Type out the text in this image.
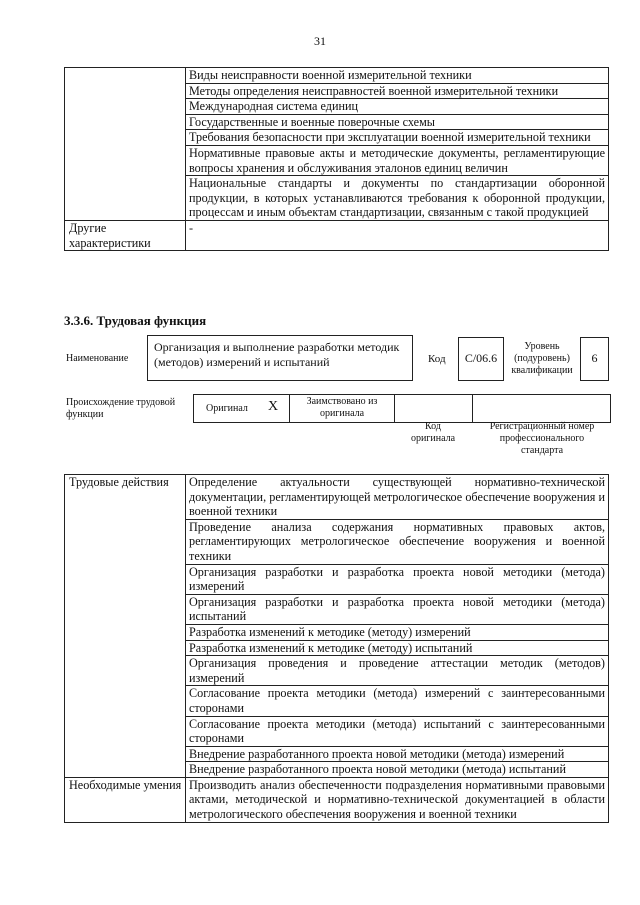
31
	Виды неисправности военной измерительной техники
	Методы определения неисправностей военной измерительной техники
	Международная система единиц
	Государственные и военные поверочные схемы
	Требования безопасности при эксплуатации военной измерительной техники
	Нормативные правовые акты и методические документы, регламентирующие вопросы хранения и обслуживания эталонов единиц величин
	Национальные стандарты и документы по стандартизации оборонной продукции, в которых устанавливаются требования к оборонной продукции, процессам и иным объектам стандартизации, связанным с такой продукцией
Другие характеристики	-
3.3.6. Трудовая функция
Наименование
Организация и выполнение разработки методик (методов) измерений и испытаний	Код	С/06.6
Уровень (подуровень) квалификации
6
Происхождение трудовой функции
Оригинал X	Заимствовано из оригинала
Код оригинала
Регистрационный номер профессионального стандарта
Трудовые действия	Определение актуальности существующей нормативно-технической документации, регламентирующей метрологическое обеспечение вооружения и военной техники
	Проведение анализа содержания нормативных правовых актов, регламентирующих метрологическое обеспечение вооружения и военной техники
	Организация разработки и разработка проекта новой методики (метода) измерений
	Организация разработки и разработка проекта новой методики (метода) испытаний
	Разработка изменений к методике (методу) измерений
	Разработка изменений к методике (методу) испытаний
	Организация проведения и проведение аттестации методик (методов) измерений
	Согласование проекта методики (метода) измерений с заинтересованными сторонами
	Согласование проекта методики (метода) испытаний с заинтересованными сторонами
	Внедрение разработанного проекта новой методики (метода) измерений
	Внедрение разработанного проекта новой методики (метода) испытаний
Необходимые умения	Производить анализ обеспеченности подразделения нормативными правовыми актами, методической и нормативно-технической документацией в области метрологического обеспечения вооружения и военной техники
